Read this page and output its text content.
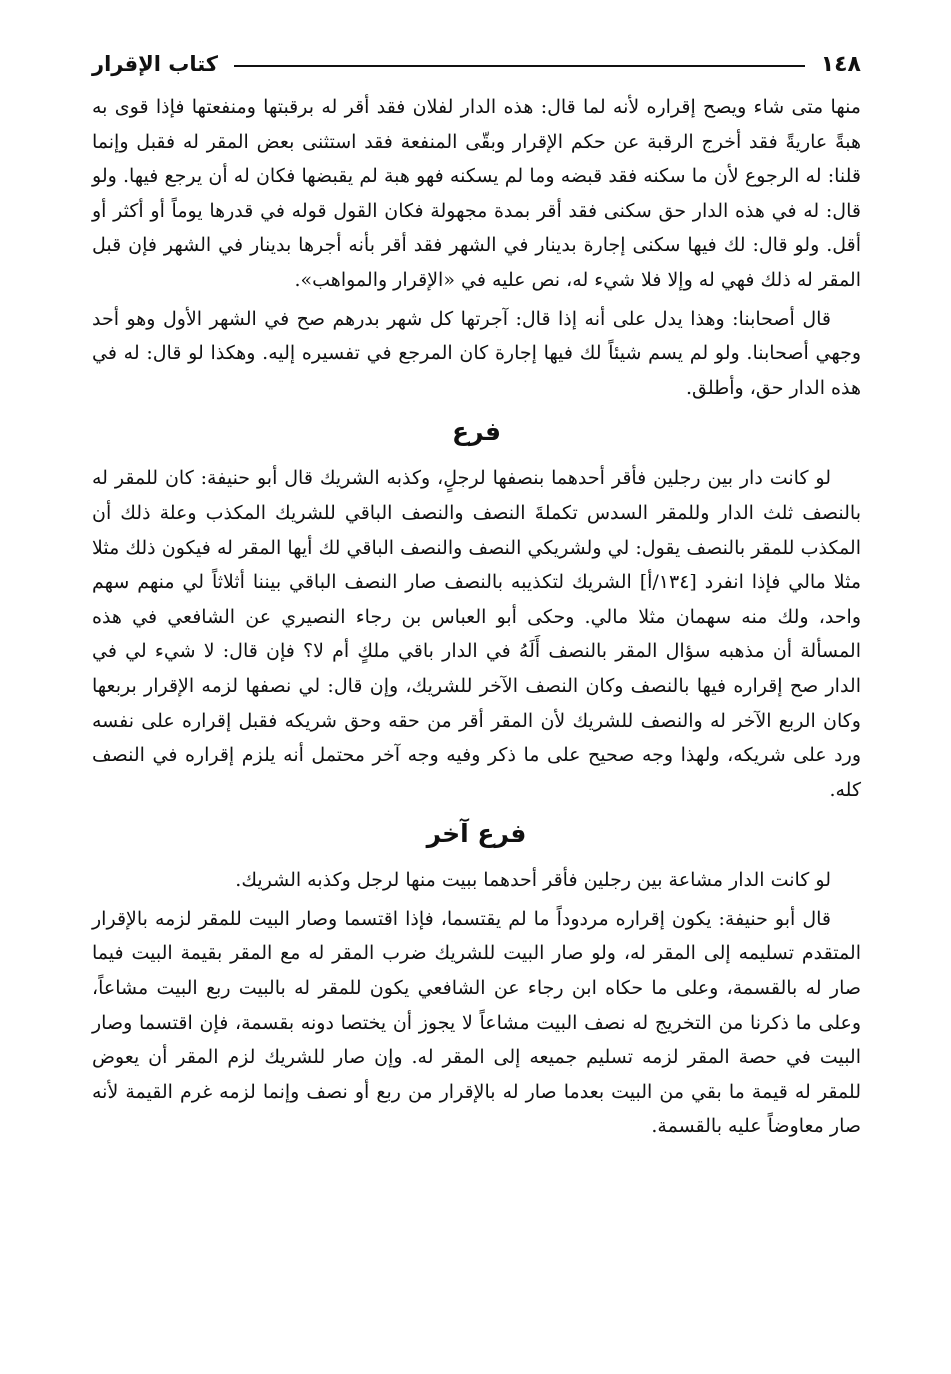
١٤٨
كتاب الإقرار

منها متى شاء ويصح إقراره لأنه لما قال: هذه الدار لفلان فقد أقر له برقبتها ومنفعتها فإذا قوى به هبةً عاريةً فقد أخرج الرقبة عن حكم الإقرار وبقّى المنفعة فقد استثنى بعض المقر له فقبل وإنما قلنا: له الرجوع لأن ما سكنه فقد قبضه وما لم يسكنه فهو هبة لم يقبضها فكان له أن يرجع فيها. ولو قال: له في هذه الدار حق سكنى فقد أقر بمدة مجهولة فكان القول قوله في قدرها يوماً أو أكثر أو أقل. ولو قال: لك فيها سكنى إجارة بدينار في الشهر فقد أقر بأنه أجرها بدينار في الشهر فإن قبل المقر له ذلك فهي له وإلا فلا شيء له، نص عليه في «الإقرار والمواهب».

قال أصحابنا: وهذا يدل على أنه إذا قال: آجرتها كل شهر بدرهم صح في الشهر الأول وهو أحد وجهي أصحابنا. ولو لم يسم شيئاً لك فيها إجارة كان المرجع في تفسيره إليه. وهكذا لو قال: له في هذه الدار حق، وأطلق.

فرع

لو كانت دار بين رجلين فأقر أحدهما بنصفها لرجلٍ، وكذبه الشريك قال أبو حنيفة: كان للمقر له بالنصف ثلث الدار وللمقر السدس تكملةَ النصف والنصف الباقي للشريك المكذب وعلة ذلك أن المكذب للمقر بالنصف يقول: لي ولشريكي النصف والنصف الباقي لك أيها المقر له فيكون ذلك مثلا مثلا مالي فإذا انفرد [١٣٤/أ] الشريك لتكذيبه بالنصف صار النصف الباقي بيننا أثلاثاً لي منهم سهم واحد، ولك منه سهمان مثلا مالي. وحكى أبو العباس بن رجاء النصيري عن الشافعي في هذه المسألة أن مذهبه سؤال المقر بالنصف أَلَهُ في الدار باقي ملكٍ أم لا؟ فإن قال: لا شيء لي في الدار صح إقراره فيها بالنصف وكان النصف الآخر للشريك، وإن قال: لي نصفها لزمه الإقرار بربعها وكان الربع الآخر له والنصف للشريك لأن المقر أقر من حقه وحق شريكه فقبل إقراره على نفسه ورد على شريكه، ولهذا وجه صحيح على ما ذكر وفيه وجه آخر محتمل أنه يلزم إقراره في النصف كله.

فرع آخر

لو كانت الدار مشاعة بين رجلين فأقر أحدهما ببيت منها لرجل وكذبه الشريك.

قال أبو حنيفة: يكون إقراره مردوداً ما لم يقتسما، فإذا اقتسما وصار البيت للمقر لزمه بالإقرار المتقدم تسليمه إلى المقر له، ولو صار البيت للشريك ضرب المقر له مع المقر بقيمة البيت فيما صار له بالقسمة، وعلى ما حكاه ابن رجاء عن الشافعي يكون للمقر له بالبيت ربع البيت مشاعاً، وعلى ما ذكرنا من التخريج له نصف البيت مشاعاً لا يجوز أن يختصا دونه بقسمة، فإن اقتسما وصار البيت في حصة المقر لزمه تسليم جميعه إلى المقر له. وإن صار للشريك لزم المقر أن يعوض للمقر له قيمة ما بقي من البيت بعدما صار له بالإقرار من ربع أو نصف وإنما لزمه غرم القيمة لأنه صار معاوضاً عليه بالقسمة.
